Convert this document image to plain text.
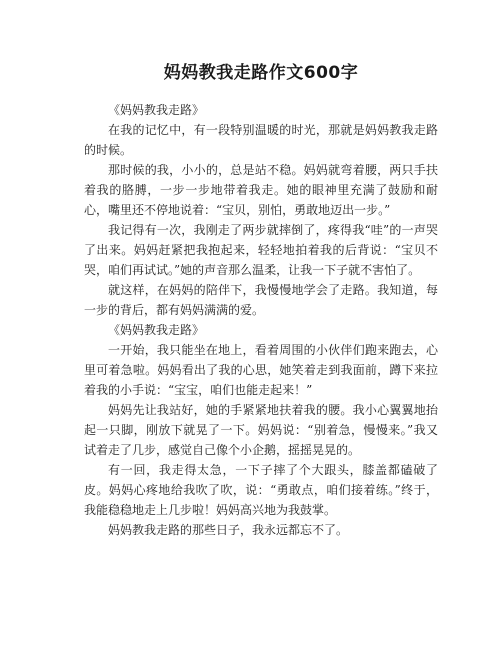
妈妈教我走路作文600字

《妈妈教我走路》

在我的记忆中，有一段特别温暖的时光，那就是妈妈教我走路的时候。

那时候的我，小小的，总是站不稳。妈妈就弯着腰，两只手扶着我的胳膊，一步一步地带着我走。她的眼神里充满了鼓励和耐心，嘴里还不停地说着：“宝贝，别怕，勇敢地迈出一步。”

我记得有一次，我刚走了两步就摔倒了，疼得我“哇”的一声哭了出来。妈妈赶紧把我抱起来，轻轻地拍着我的后背说：“宝贝不哭，咱们再试试。”她的声音那么温柔，让我一下子就不害怕了。

就这样，在妈妈的陪伴下，我慢慢地学会了走路。我知道，每一步的背后，都有妈妈满满的爱。

《妈妈教我走路》

一开始，我只能坐在地上，看着周围的小伙伴们跑来跑去，心里可着急啦。妈妈看出了我的心思，她笑着走到我面前，蹲下来拉着我的小手说：“宝宝，咱们也能走起来！”

妈妈先让我站好，她的手紧紧地扶着我的腰。我小心翼翼地抬起一只脚，刚放下就晃了一下。妈妈说：“别着急，慢慢来。”我又试着走了几步，感觉自己像个小企鹅，摇摇晃晃的。

有一回，我走得太急，一下子摔了个大跟头，膝盖都磕破了皮。妈妈心疼地给我吹了吹，说：“勇敢点，咱们接着练。”终于，我能稳稳地走上几步啦！妈妈高兴地为我鼓掌。

妈妈教我走路的那些日子，我永远都忘不了。
